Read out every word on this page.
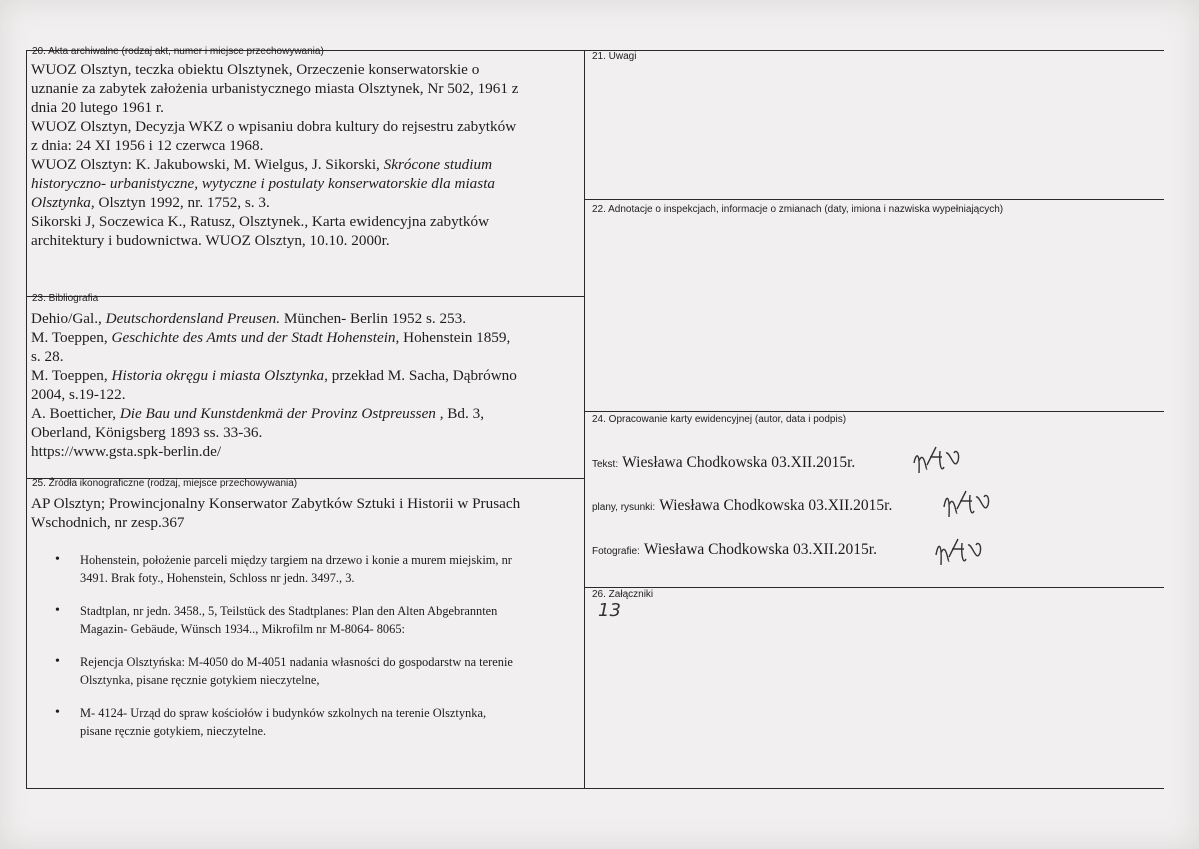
20. Akta archiwalne (rodzaj akt, numer i miejsce przechowywania)

WUOZ Olsztyn, teczka obiektu Olsztynek, Orzeczenie konserwatorskie o

uznanie za zabytek założenia urbanistycznego miasta Olsztynek, Nr 502, 1961 z

dnia 20 lutego 1961 r.

WUOZ Olsztyn, Decyzja WKZ o wpisaniu dobra kultury do rejsestru zabytków

z dnia: 24 XI 1956 i 12 czerwca 1968.

WUOZ Olsztyn: K. Jakubowski, M. Wielgus, J. Sikorski, Skrócone studium

historyczno- urbanistyczne, wytyczne i postulaty konserwatorskie dla miasta

Olsztynka, Olsztyn 1992, nr. 1752, s. 3.

Sikorski J, Soczewica K., Ratusz, Olsztynek., Karta ewidencyjna zabytków

architektury i budownictwa. WUOZ Olsztyn, 10.10. 2000r.

21. Uwagi
22. Adnotacje o inspekcjach, informacje o zmianach (daty, imiona i nazwiska wypełniających)
23. Bibliografia

Dehio/Gal., Deutschordensland Preusen. München- Berlin 1952 s. 253.

M. Toeppen, Geschichte des Amts und der Stadt Hohenstein, Hohenstein 1859,

s. 28.

M. Toeppen, Historia okręgu i miasta Olsztynka, przekład M. Sacha, Dąbrówno

2004, s.19-122.

A. Boetticher, Die Bau und Kunstdenkmä der Provinz Ostpreussen , Bd. 3,

Oberland, Königsberg 1893 ss. 33-36.

https://www.gsta.spk-berlin.de/

24. Opracowanie karty ewidencyjnej (autor, data i podpis)
Tekst: Wiesława Chodkowska 03.XII.2015r.
plany, rysunki: Wiesława Chodkowska 03.XII.2015r.
Fotografie: Wiesława Chodkowska 03.XII.2015r.
25. Źródła ikonograficzne (rodzaj, miejsce przechowywania)

AP Olsztyn; Prowincjonalny Konserwator Zabytków Sztuki i Historii w Prusach

Wschodnich, nr zesp.367

• Hohenstein, położenie parceli między targiem na drzewo i konie a murem miejskim, nr
3491. Brak foty., Hohenstein, Schloss nr jedn. 3497., 3.
• Stadtplan, nr jedn. 3458., 5, Teilstück des Stadtplanes: Plan den Alten Abgebrannten
Magazin- Gebäude, Wünsch 1934.., Mikrofilm nr M-8064- 8065:
• Rejencja Olsztyńska: M-4050 do M-4051 nadania własności do gospodarstw na terenie
Olsztynka, pisane ręcznie gotykiem nieczytelne,
• M- 4124- Urząd do spraw kościołów i budynków szkolnych na terenie Olsztynka,
pisane ręcznie gotykiem, nieczytelne.
26. Załączniki
13
